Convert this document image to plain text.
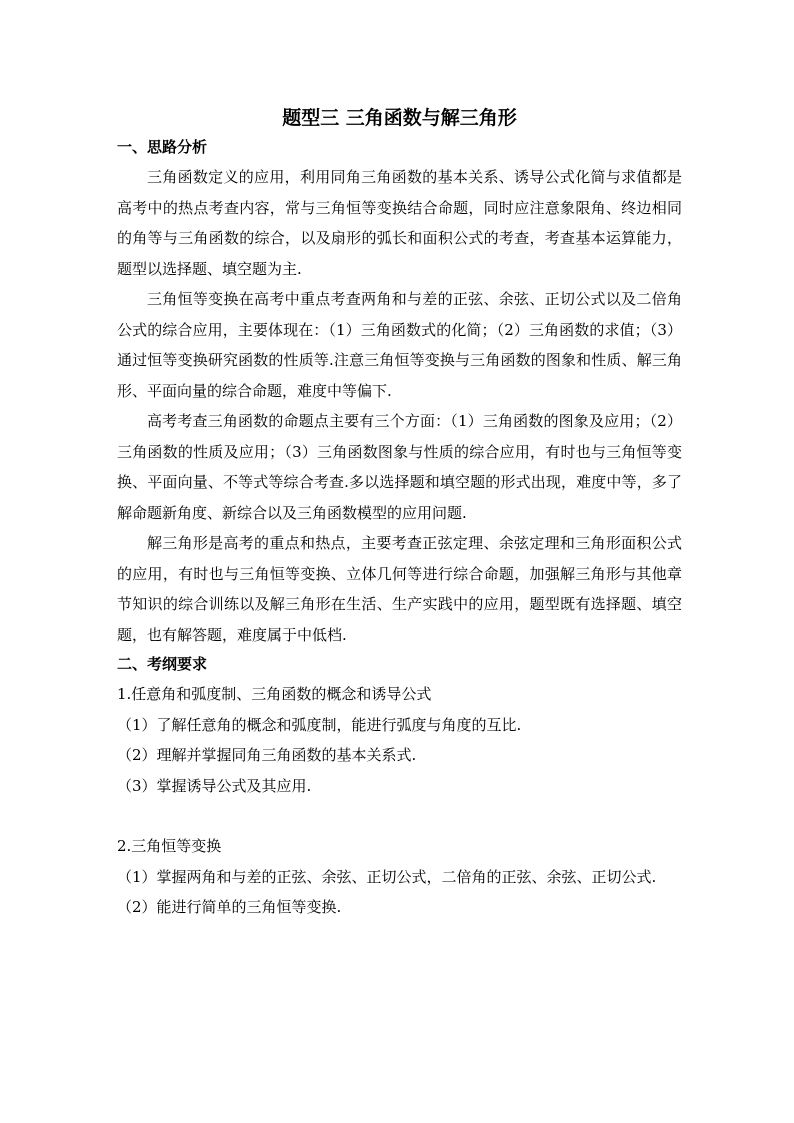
题型三 三角函数与解三角形
一、思路分析

三角函数定义的应用，利用同角三角函数的基本关系、诱导公式化简与求值都是高考中的热点考查内容，常与三角恒等变换结合命题，同时应注意象限角、终边相同的角等与三角函数的综合，以及扇形的弧长和面积公式的考查，考查基本运算能力，题型以选择题、填空题为主.

三角恒等变换在高考中重点考查两角和与差的正弦、余弦、正切公式以及二倍角公式的综合应用，主要体现在：（1）三角函数式的化简；（2）三角函数的求值；（3）通过恒等变换研究函数的性质等.注意三角恒等变换与三角函数的图象和性质、解三角形、平面向量的综合命题，难度中等偏下.

高考考查三角函数的命题点主要有三个方面：（1）三角函数的图象及应用；（2）三角函数的性质及应用；（3）三角函数图象与性质的综合应用，有时也与三角恒等变换、平面向量、不等式等综合考查.多以选择题和填空题的形式出现，难度中等，多了解命题新角度、新综合以及三角函数模型的应用问题.

解三角形是高考的重点和热点，主要考查正弦定理、余弦定理和三角形面积公式的应用，有时也与三角恒等变换、立体几何等进行综合命题，加强解三角形与其他章节知识的综合训练以及解三角形在生活、生产实践中的应用，题型既有选择题、填空题，也有解答题，难度属于中低档.

二、考纲要求

1.任意角和弧度制、三角函数的概念和诱导公式

（1）了解任意角的概念和弧度制，能进行弧度与角度的互比.

（2）理解并掌握同角三角函数的基本关系式.

（3）掌握诱导公式及其应用.

2.三角恒等变换

（1）掌握两角和与差的正弦、余弦、正切公式，二倍角的正弦、余弦、正切公式.

（2）能进行简单的三角恒等变换.
